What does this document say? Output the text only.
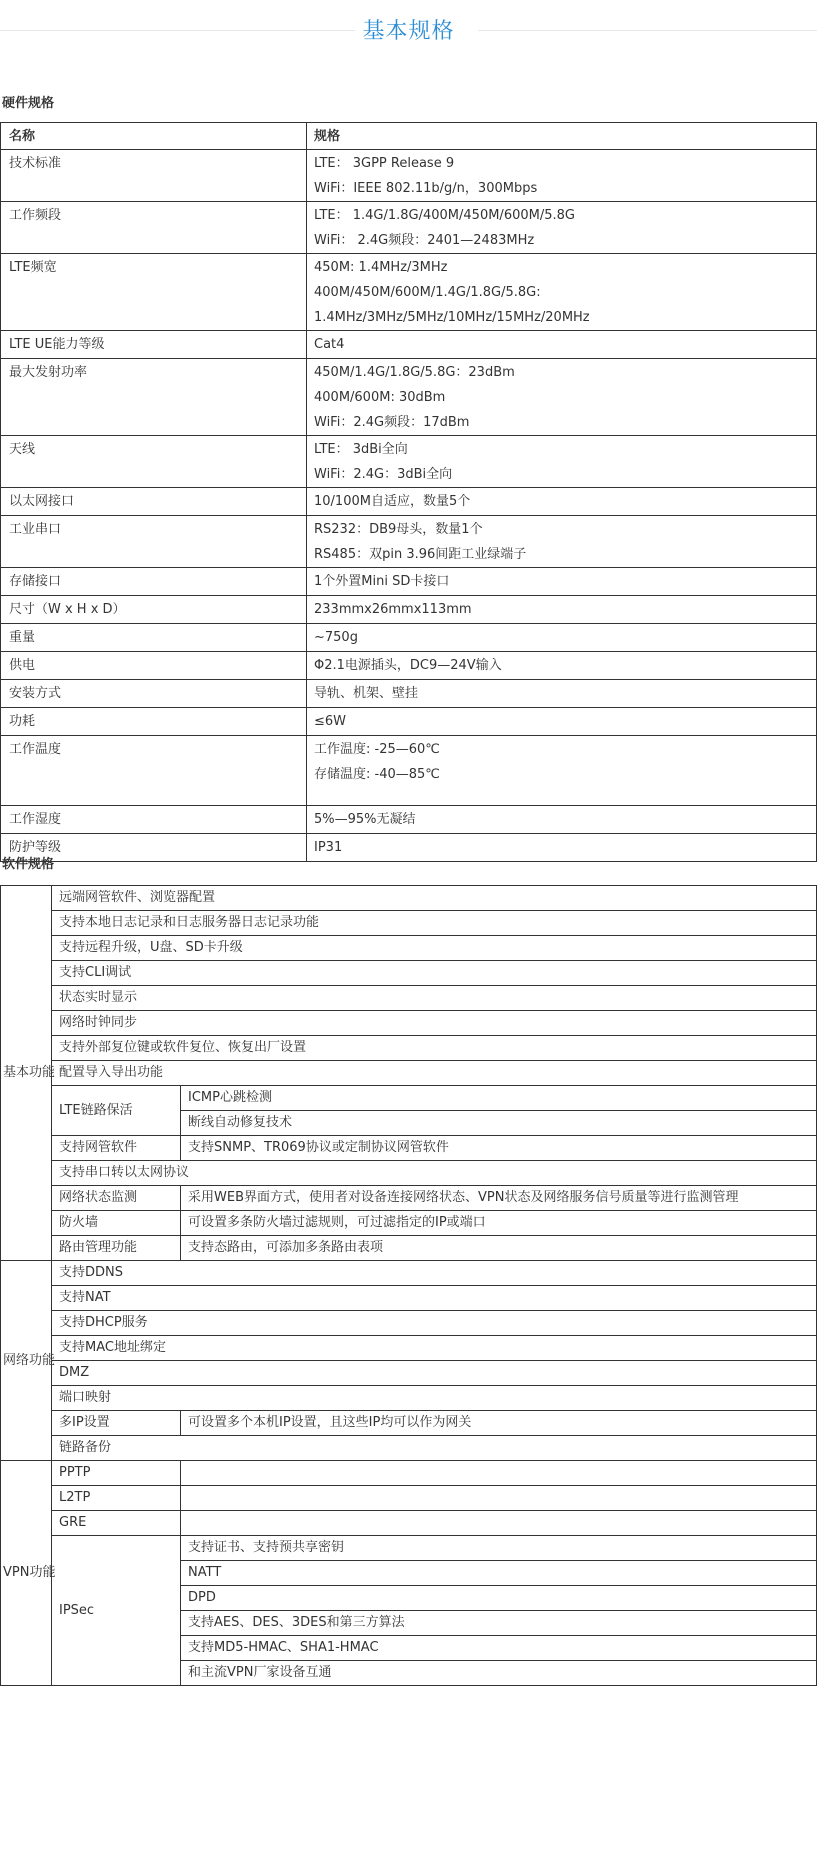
基本规格
硬件规格
名称	规格

技术标准	LTE： 3GPP Release 9
WiFi：IEEE 802.11b/g/n，300Mbps

工作频段	LTE： 1.4G/1.8G/400M/450M/600M/5.8G
WiFi： 2.4G频段：2401—2483MHz

LTE频宽	450M: 1.4MHz/3MHz
400M/450M/600M/1.4G/1.8G/5.8G:
1.4MHz/3MHz/5MHz/10MHz/15MHz/20MHz

LTE UE能力等级	Cat4

最大发射功率	450M/1.4G/1.8G/5.8G：23dBm
400M/600M: 30dBm
WiFi：2.4G频段：17dBm

天线	LTE： 3dBi全向
WiFi：2.4G：3dBi全向

以太网接口	10/100M自适应，数量5个

工业串口	RS232：DB9母头，数量1个
RS485：双pin 3.96间距工业绿端子

存储接口	1个外置Mini SD卡接口

尺寸（W x H x D）	233mmx26mmx113mm

重量	~750g

供电	Φ2.1电源插头，DC9—24V输入

安装方式	导轨、机架、壁挂

功耗	≤6W

工作温度	工作温度: -25—60℃
存储温度: -40—85℃

工作湿度	5%—95%无凝结

防护等级	IP31
软件规格
基本功能	远端网管软件、浏览器配置	
	支持本地日志记录和日志服务器日志记录功能	
	支持远程升级，U盘、SD卡升级	
	支持CLI调试	
	状态实时显示	
	网络时钟同步	
	支持外部复位键或软件复位、恢复出厂设置	
	配置导入导出功能	
	LTE链路保活	ICMP心跳检测
		断线自动修复技术
	支持网管软件	支持SNMP、TR069协议或定制协议网管软件
	支持串口转以太网协议	
	网络状态监测	采用WEB界面方式，使用者对设备连接网络状态、VPN状态及网络服务信号质量等进行监测管理
	防火墙	可设置多条防火墙过滤规则，可过滤指定的IP或端口
	路由管理功能	支持态路由，可添加多条路由表项
网络功能	支持DDNS	
	支持NAT	
	支持DHCP服务	
	支持MAC地址绑定	
	DMZ	
	端口映射	
	多IP设置	可设置多个本机IP设置，且这些IP均可以作为网关
	链路备份	
VPN功能	PPTP	
	L2TP	
	GRE	
	IPSec	支持证书、支持预共享密钥
		NATT
		DPD
		支持AES、DES、3DES和第三方算法
		支持MD5-HMAC、SHA1-HMAC
		和主流VPN厂家设备互通
